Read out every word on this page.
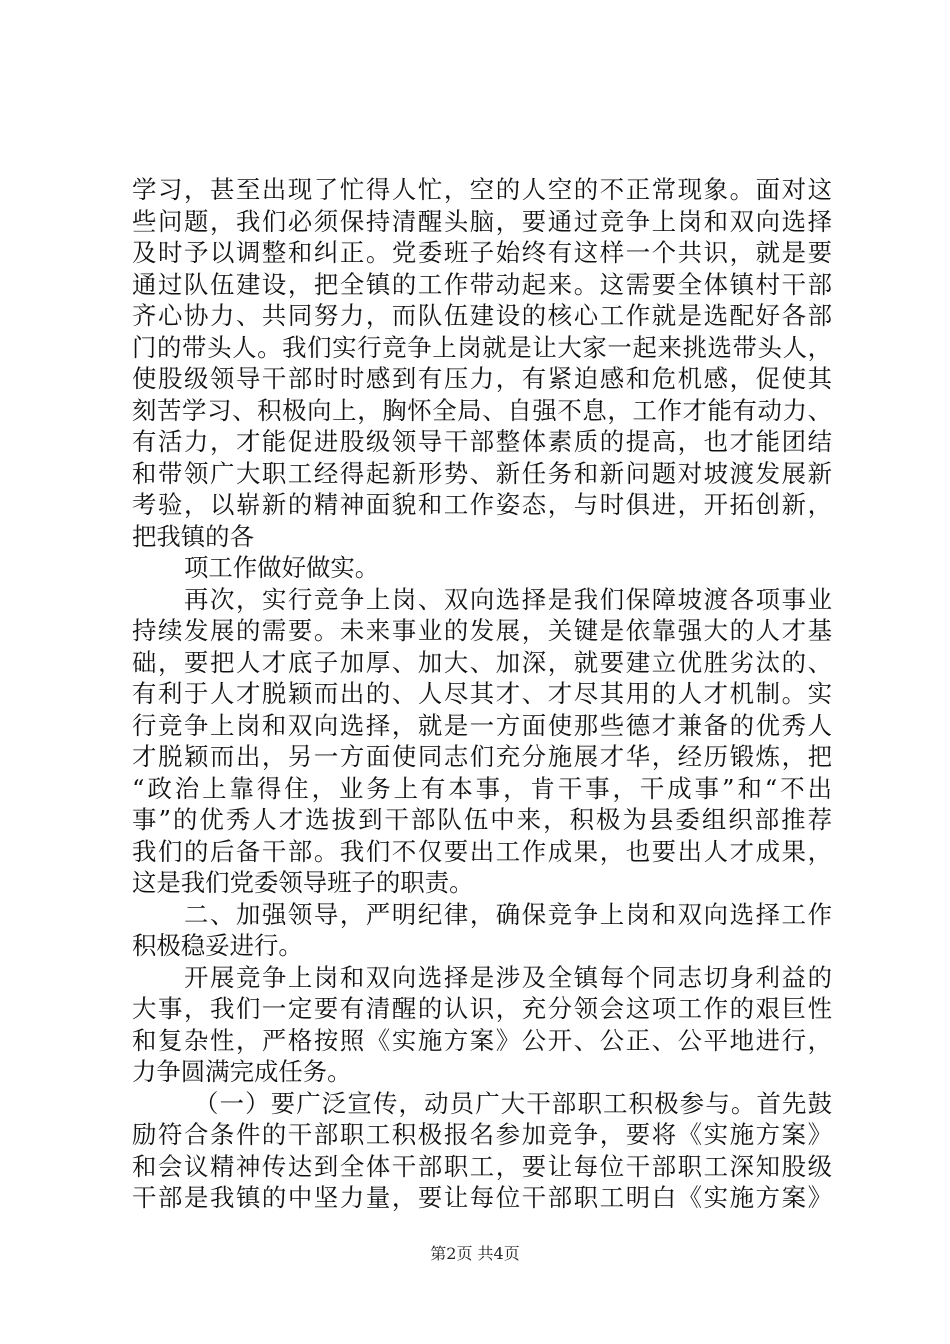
学习，甚至出现了忙得人忙，空的人空的不正常现象。面对这
些问题，我们必须保持清醒头脑，要通过竞争上岗和双向选择
及时予以调整和纠正。党委班子始终有这样一个共识，就是要
通过队伍建设，把全镇的工作带动起来。这需要全体镇村干部
齐心协力、共同努力，而队伍建设的核心工作就是选配好各部
门的带头人。我们实行竞争上岗就是让大家一起来挑选带头人，
使股级领导干部时时感到有压力，有紧迫感和危机感，促使其
刻苦学习、积极向上，胸怀全局、自强不息，工作才能有动力、
有活力，才能促进股级领导干部整体素质的提高，也才能团结
和带领广大职工经得起新形势、新任务和新问题对坡渡发展新
考验，以崭新的精神面貌和工作姿态，与时俱进，开拓创新，
把我镇的各
项工作做好做实。
再次，实行竞争上岗、双向选择是我们保障坡渡各项事业
持续发展的需要。未来事业的发展，关键是依靠强大的人才基
础，要把人才底子加厚、加大、加深，就要建立优胜劣汰的、
有利于人才脱颖而出的、人尽其才、才尽其用的人才机制。实
行竞争上岗和双向选择，就是一方面使那些德才兼备的优秀人
才脱颖而出，另一方面使同志们充分施展才华，经历锻炼，把
“政治上靠得住，业务上有本事，肯干事，干成事”和“不出
事”的优秀人才选拔到干部队伍中来，积极为县委组织部推荐
我们的后备干部。我们不仅要出工作成果，也要出人才成果，
这是我们党委领导班子的职责。
二、加强领导，严明纪律，确保竞争上岗和双向选择工作
积极稳妥进行。
开展竞争上岗和双向选择是涉及全镇每个同志切身利益的
大事，我们一定要有清醒的认识，充分领会这项工作的艰巨性
和复杂性，严格按照《实施方案》公开、公正、公平地进行，
力争圆满完成任务。
（一）要广泛宣传，动员广大干部职工积极参与。首先鼓
励符合条件的干部职工积极报名参加竞争，要将《实施方案》
和会议精神传达到全体干部职工，要让每位干部职工深知股级
干部是我镇的中坚力量，要让每位干部职工明白《实施方案》
第2页 共4页
